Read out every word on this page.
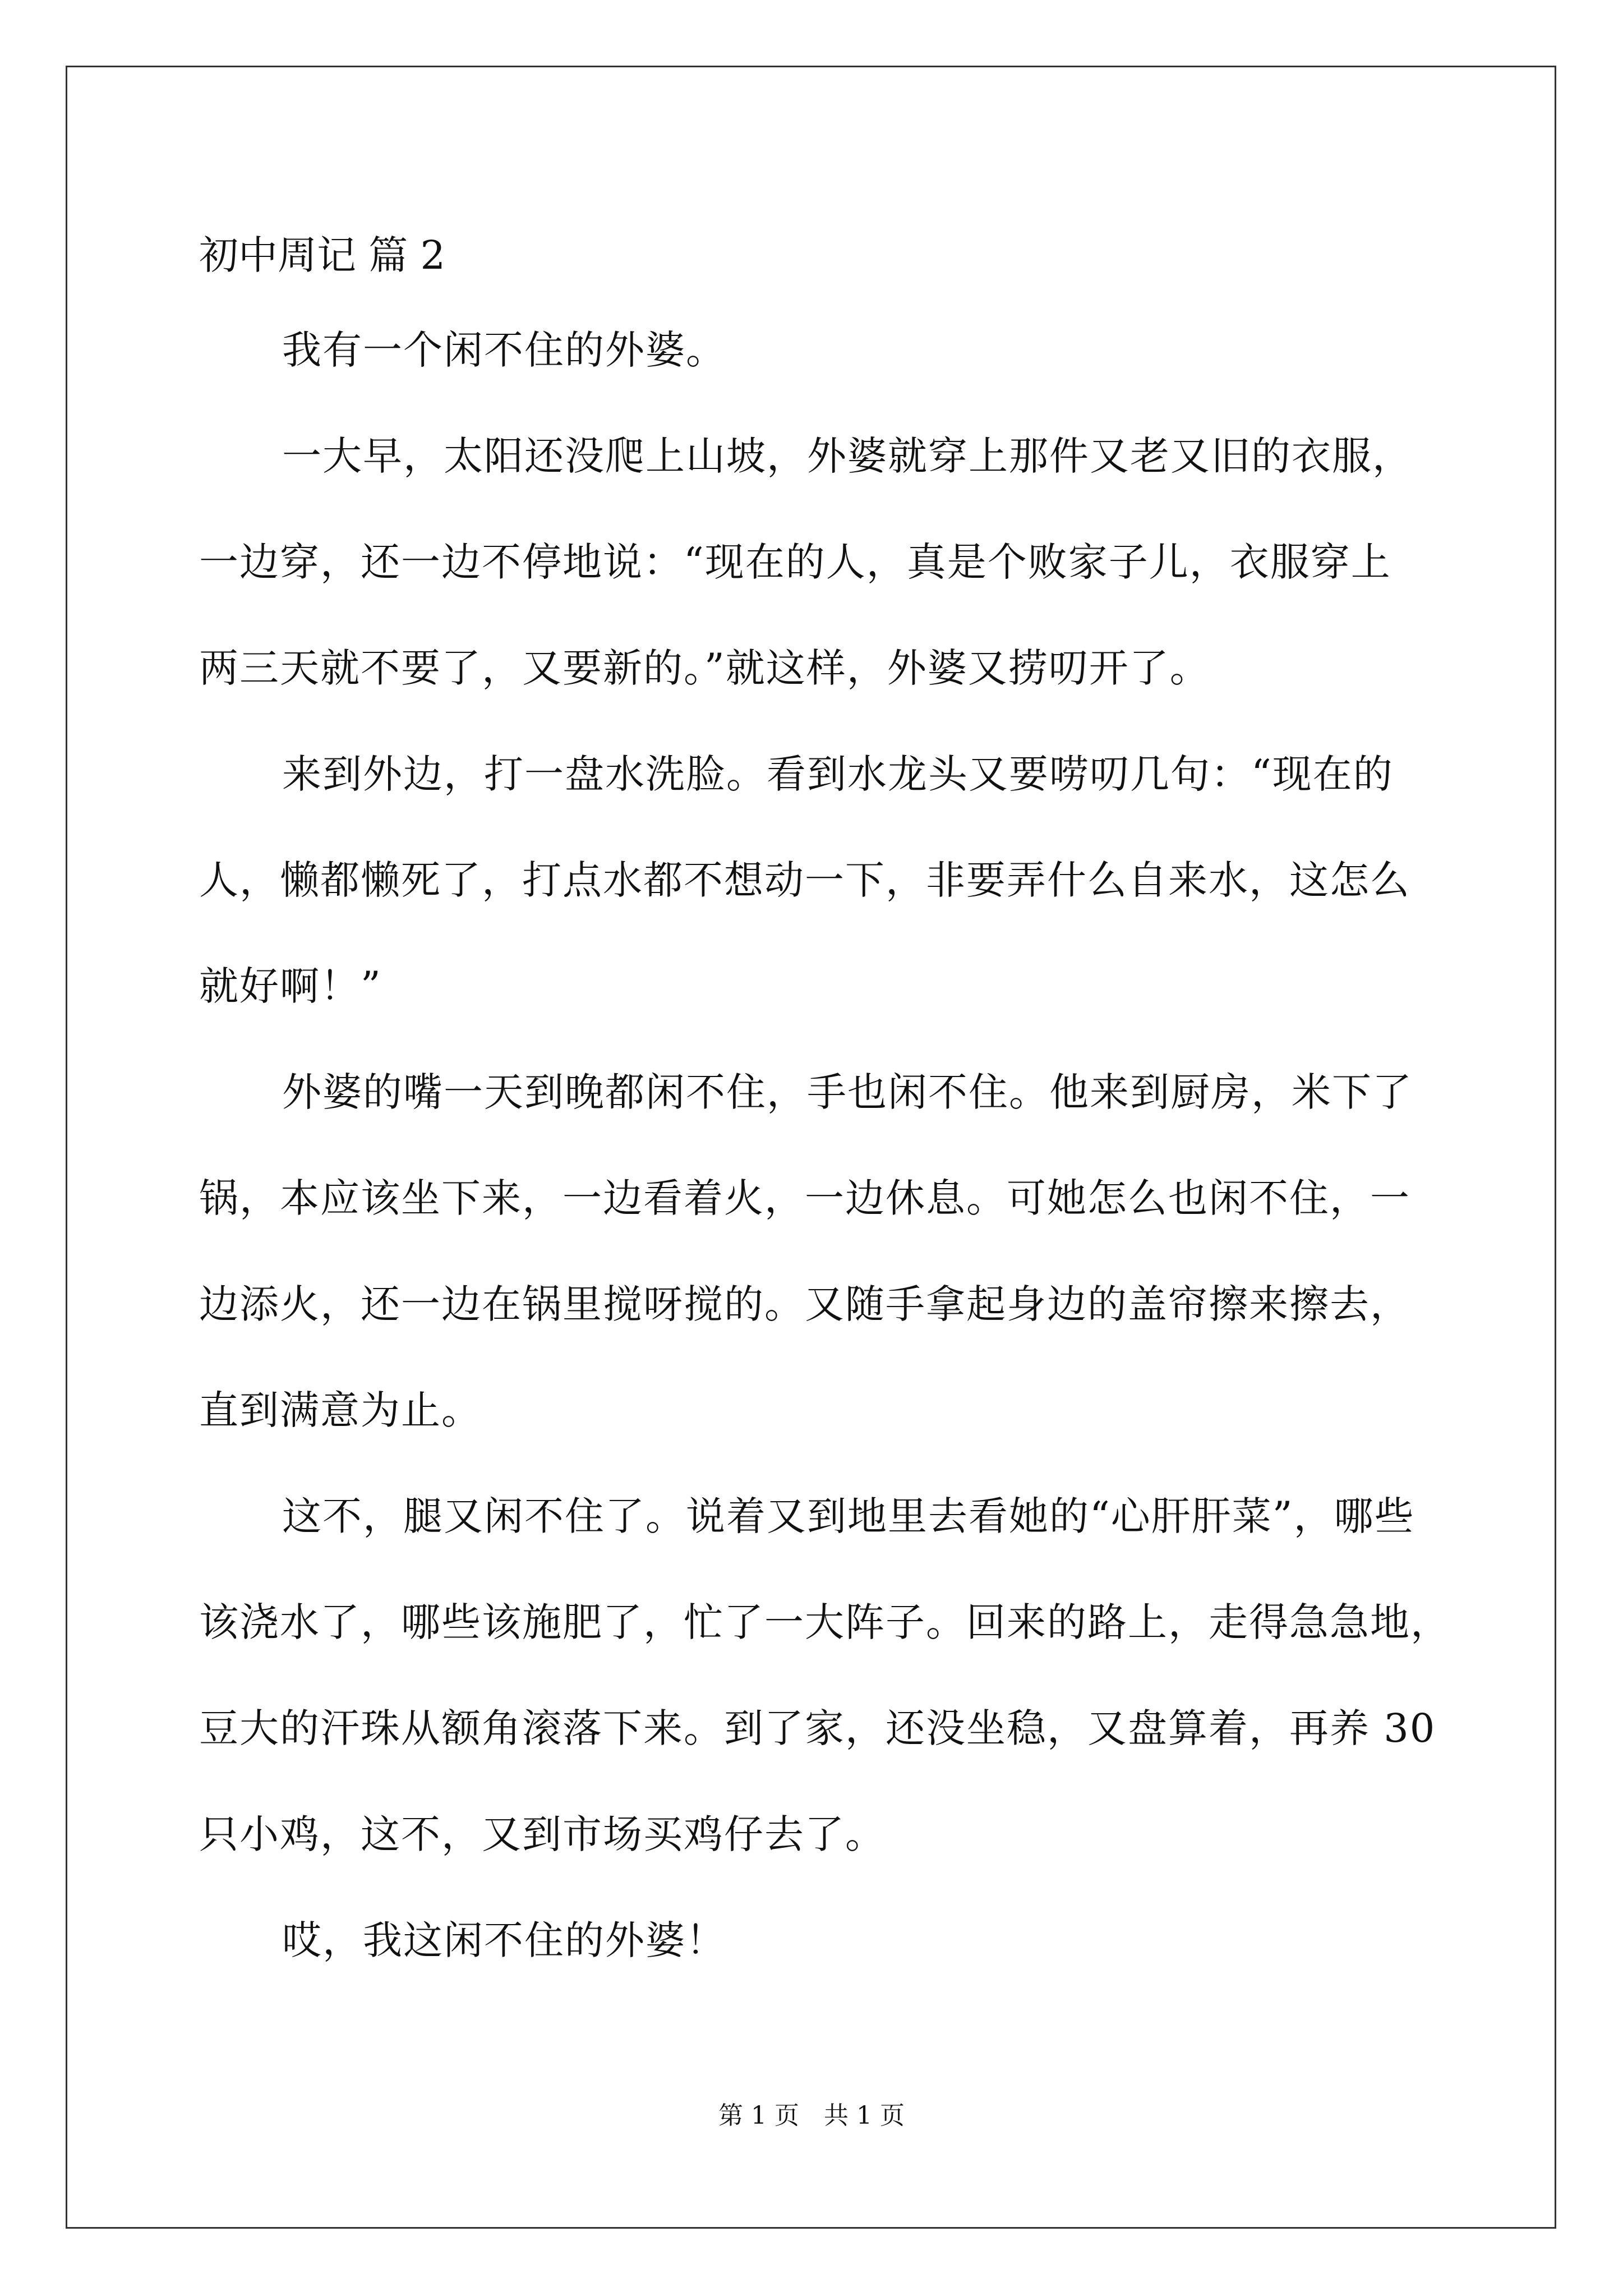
初中周记 篇 2
我有一个闲不住的外婆。
一大早，太阳还没爬上山坡，外婆就穿上那件又老又旧的衣服，
一边穿，还一边不停地说：“现在的人，真是个败家子儿，衣服穿上
两三天就不要了，又要新的。”就这样，外婆又捞叨开了。
来到外边，打一盘水洗脸。看到水龙头又要唠叨几句：“现在的
人，懒都懒死了，打点水都不想动一下，非要弄什么自来水，这怎么
就好啊！”
外婆的嘴一天到晚都闲不住，手也闲不住。他来到厨房，米下了
锅，本应该坐下来，一边看着火，一边休息。可她怎么也闲不住，一
边添火，还一边在锅里搅呀搅的。又随手拿起身边的盖帘擦来擦去，
直到满意为止。
这不，腿又闲不住了。说着又到地里去看她的“心肝肝菜”，哪些
该浇水了，哪些该施肥了，忙了一大阵子。回来的路上，走得急急地，
豆大的汗珠从额角滚落下来。到了家，还没坐稳，又盘算着，再养 30
只小鸡，这不，又到市场买鸡仔去了。
哎，我这闲不住的外婆！
第 1 页　共 1 页
